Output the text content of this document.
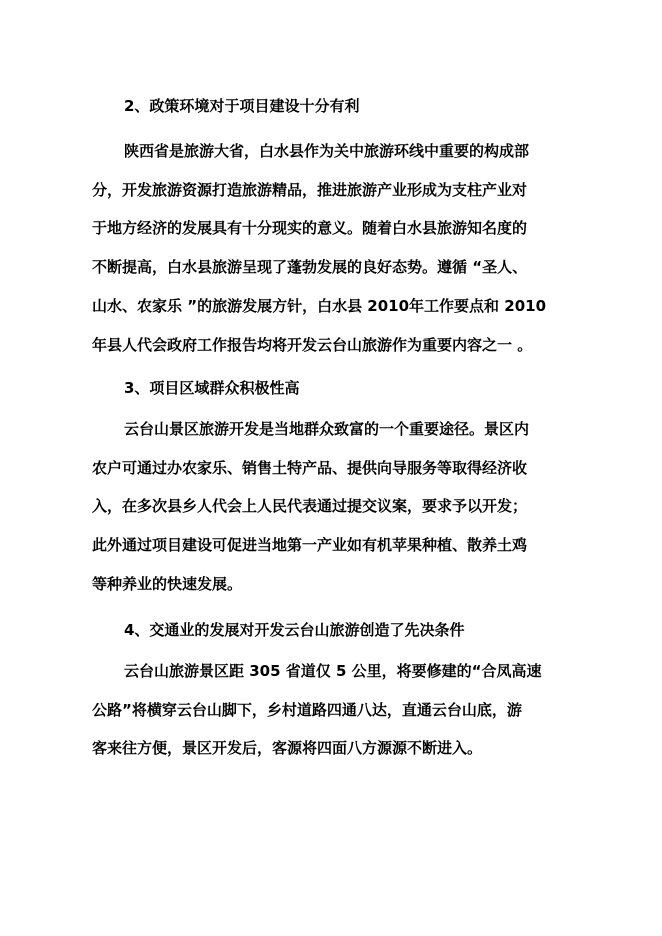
2、政策环境对于项目建设十分有利
陕西省是旅游大省，白水县作为关中旅游环线中重要的构成部
分，开发旅游资源打造旅游精品，推进旅游产业形成为支柱产业对
于地方经济的发展具有十分现实的意义。随着白水县旅游知名度的
不断提高，白水县旅游呈现了蓬勃发展的良好态势。遵循 “圣人、
山水、农家乐 ”的旅游发展方针，白水县 2010年工作要点和 2010
年县人代会政府工作报告均将开发云台山旅游作为重要内容之一 。
3、项目区域群众积极性高
云台山景区旅游开发是当地群众致富的一个重要途径。景区内
农户可通过办农家乐、销售土特产品、提供向导服务等取得经济收
入，在多次县乡人代会上人民代表通过提交议案，要求予以开发；
此外通过项目建设可促进当地第一产业如有机苹果种植、散养土鸡
等种养业的快速发展。
4、交通业的发展对开发云台山旅游创造了先决条件
云台山旅游景区距 305 省道仅 5 公里，将要修建的“合凤高速
公路”将横穿云台山脚下，乡村道路四通八达，直通云台山底，游
客来往方便，景区开发后，客源将四面八方源源不断进入。
